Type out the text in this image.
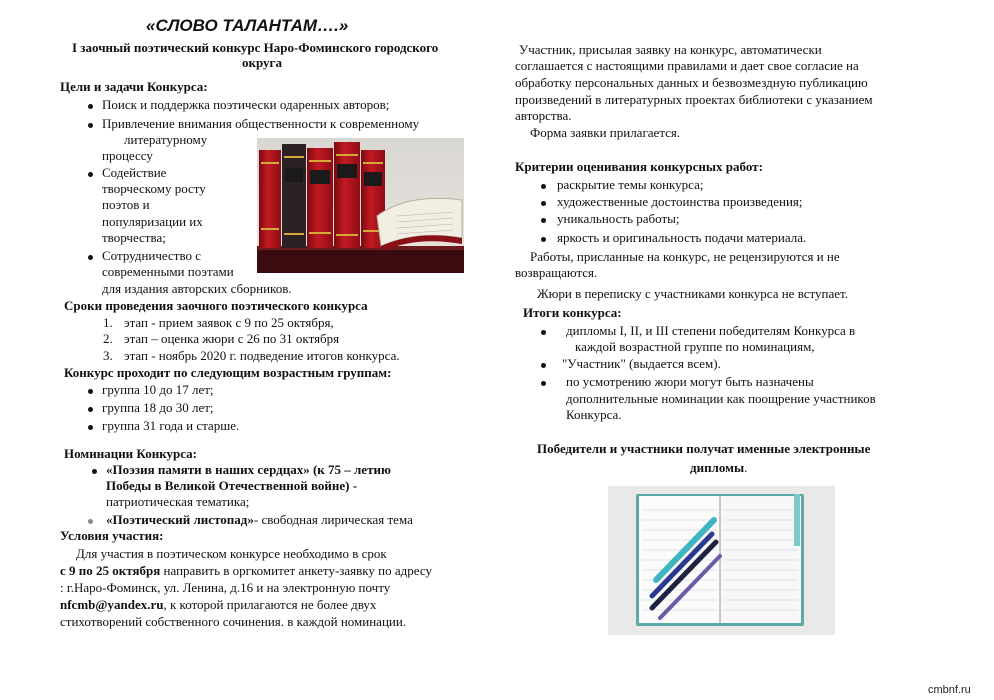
«СЛОВО ТАЛАНТАМ….»
I заочный поэтический конкурс Наро-Фоминского городского
округа
Цели и задачи Конкурса:
Поиск и поддержка поэтически одаренных авторов;
Привлечение внимания общественности к современному
литературному
процессу
Содействие
творческому росту
поэтов и
популяризации их
творчества;
Сотрудничество с
современными поэтами
для издания авторских сборников.
Сроки проведения заочного поэтического конкурса
1. этап - прием заявок с 9 по 25 октября,
2. этап – оценка жюри с 26 по 31 октября
3. этап - ноябрь 2020 г. подведение итогов конкурса.
Конкурс проходит по следующим возрастным группам:
группа 10 до 17 лет;
группа 18 до 30 лет;
группа 31 года и старше.
Номинации Конкурса:
«Поэзия памяти в наших сердцах» (к 75 – летию
Победы в Великой Отечественной войне) -
патриотическая тематика;
«Поэтический листопад»- свободная лирическая тема
Условия участия:
Для участия в поэтическом конкурсе необходимо в срок
с 9 по 25 октября направить в оргкомитет анкету-заявку по адресу
: г.Наро-Фоминск, ул. Ленина, д.16 и на электронную почту
nfcmb@yandex.ru, к которой прилагаются не более двух
стихотворений собственного сочинения. в каждой номинации.
Участник, присылая заявку на конкурс, автоматически
соглашается с настоящими правилами и дает свое согласие на
обработку персональных данных и безвозмездную публикацию
произведений в литературных проектах библиотеки с указанием
авторства.
Форма заявки прилагается.
Критерии оценивания конкурсных работ:
раскрытие темы конкурса;
художественные достоинства произведения;
уникальность работы;
яркость и оригинальность подачи материала.
Работы, присланные на конкурс, не рецензируются и не
возвращаются.
Жюри в переписку с участниками конкурса не вступает.
Итоги конкурса:
дипломы I, II, и III степени победителям Конкурса в
каждой возрастной группе по номинациям,
"Участник" (выдается всем).
по усмотрению жюри могут быть назначены
дополнительные номинации как поощрение участников
Конкурса.
Победители и участники получат именные электронные
дипломы.
cmbnf.ru
